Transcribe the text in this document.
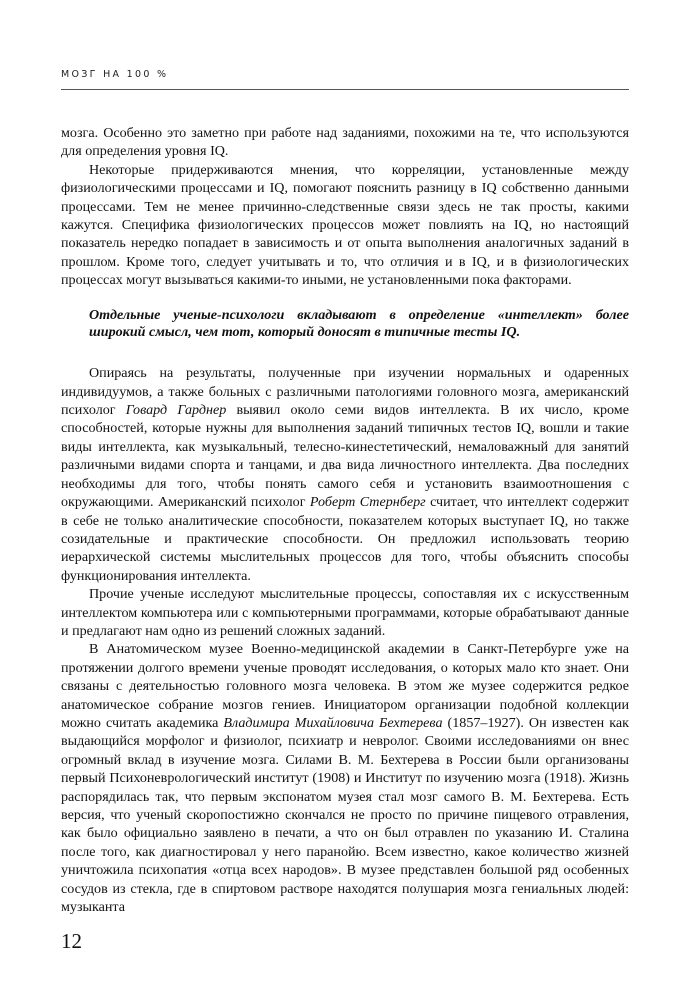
МОЗГ НА 100 %

мозга. Особенно это заметно при работе над заданиями, похожими на те, что используются для определения уровня IQ.

Некоторые придерживаются мнения, что корреляции, установленные между физиологическими процессами и IQ, помогают пояснить разницу в IQ собственно данными процессами. Тем не менее причинно-следственные связи здесь не так просты, какими кажутся. Специфика физиологических процессов может повлиять на IQ, но настоящий показатель нередко попадает в зависимость и от опыта выполнения аналогичных заданий в прошлом. Кроме того, следует учитывать и то, что отличия и в IQ, и в физиологических процессах могут вызываться какими-то иными, не установленными пока факторами.

Отдельные ученые-психологи вкладывают в определение «интеллект» более широкий смысл, чем тот, который доносят в типичные тесты IQ.

Опираясь на результаты, полученные при изучении нормальных и одаренных индивидуумов, а также больных с различными патологиями головного мозга, американский психолог Говард Гарднер выявил около семи видов интеллекта. В их число, кроме способностей, которые нужны для выполнения заданий типичных тестов IQ, вошли и такие виды интеллекта, как музыкальный, телесно-кинестетический, немаловажный для занятий различными видами спорта и танцами, и два вида личностного интеллекта. Два последних необходимы для того, чтобы понять самого себя и установить взаимоотношения с окружающими. Американский психолог Роберт Стернберг считает, что интеллект содержит в себе не только аналитические способности, показателем которых выступает IQ, но также созидательные и практические способности. Он предложил использовать теорию иерархической системы мыслительных процессов для того, чтобы объяснить способы функционирования интеллекта.

Прочие ученые исследуют мыслительные процессы, сопоставляя их с искусственным интеллектом компьютера или с компьютерными программами, которые обрабатывают данные и предлагают нам одно из решений сложных заданий.

В Анатомическом музее Военно-медицинской академии в Санкт-Петербурге уже на протяжении долгого времени ученые проводят исследования, о которых мало кто знает. Они связаны с деятельностью головного мозга человека. В этом же музее содержится редкое анатомическое собрание мозгов гениев. Инициатором организации подобной коллекции можно считать академика Владимира Михайловича Бехтерева (1857–1927). Он известен как выдающийся морфолог и физиолог, психиатр и невролог. Своими исследованиями он внес огромный вклад в изучение мозга. Силами В. М. Бехтерева в России были организованы первый Психоневрологический институт (1908) и Институт по изучению мозга (1918). Жизнь распорядилась так, что первым экспонатом музея стал мозг самого В. М. Бехтерева. Есть версия, что ученый скоропостижно скончался не просто по причине пищевого отравления, как было официально заявлено в печати, а что он был отравлен по указанию И. Сталина после того, как диагностировал у него паранойю. Всем известно, какое количество жизней уничтожила психопатия «отца всех народов». В музее представлен большой ряд особенных сосудов из стекла, где в спиртовом растворе находятся полушария мозга гениальных людей: музыканта

12
